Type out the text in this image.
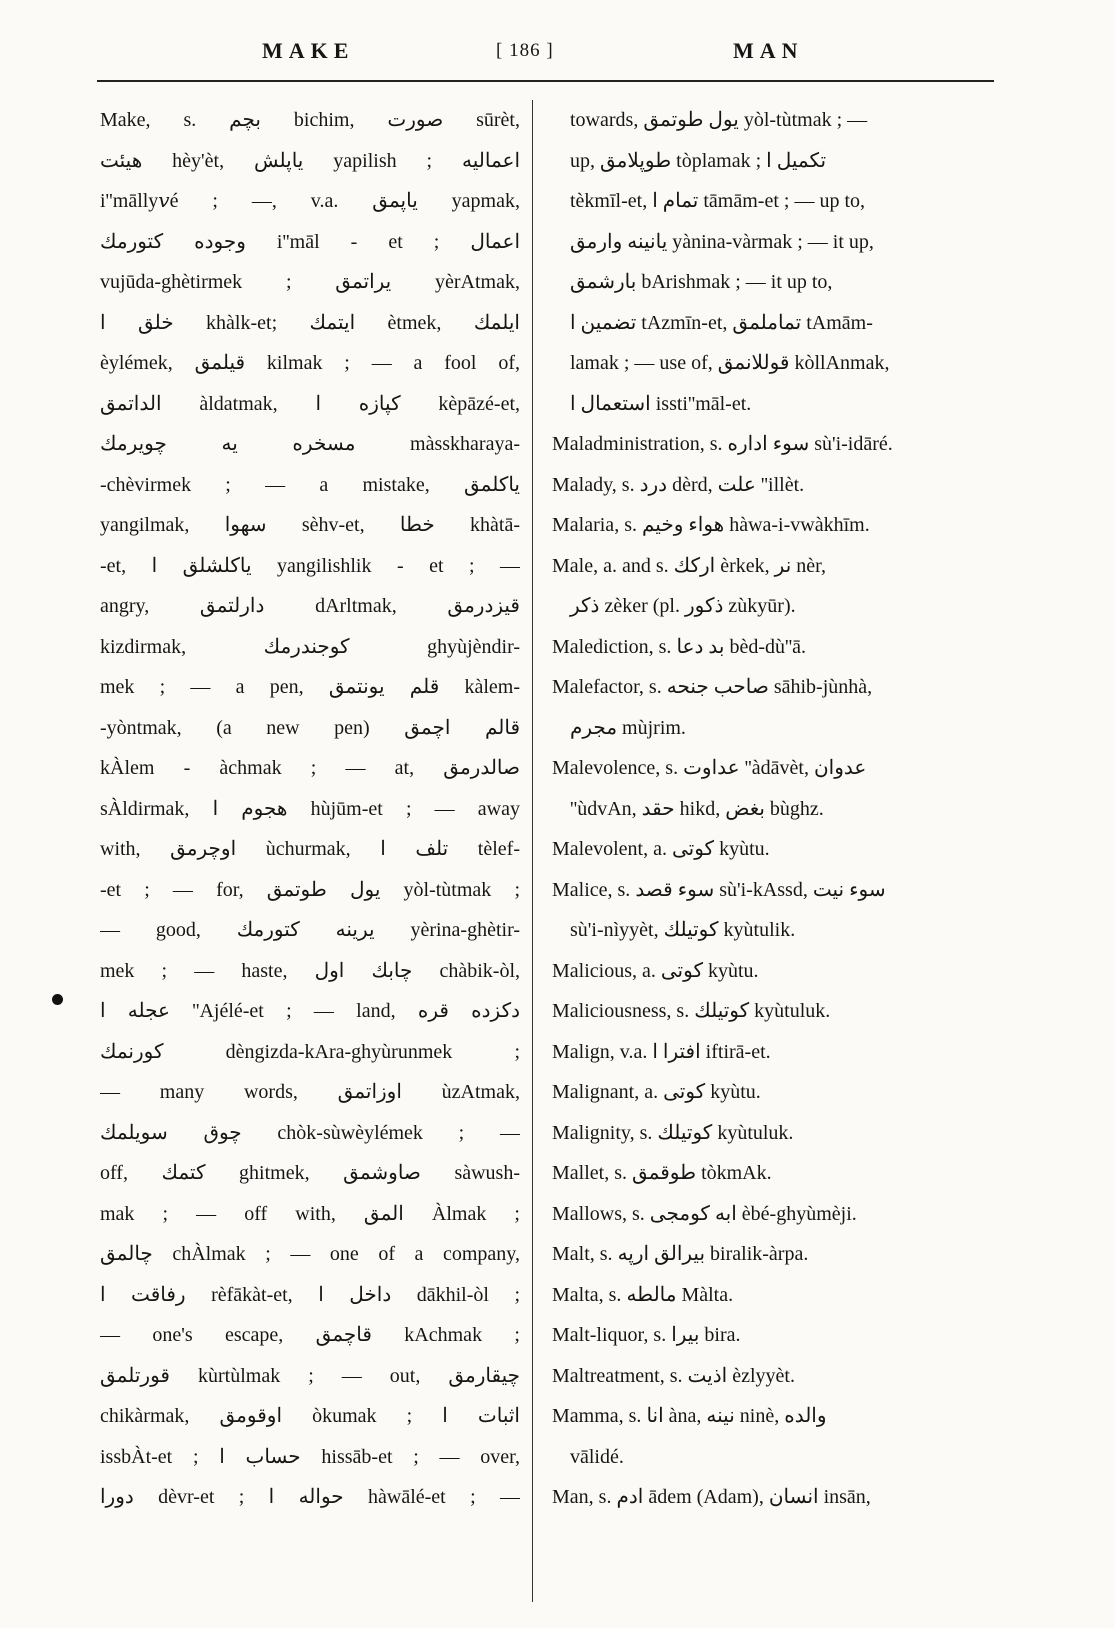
MAKE	[ 186 ]	MAN
Make, s. بچم bichim, صورت sūrèt,
هيئت hèy'èt, ياپلش yapilish ; اعماليه
i''mālly𝑣é ; —, v.a. ياپمق yapmak,
وجوده كتورمك i''māl - et ; اعمال
vujūda-ghètirmek ; يراتمق yèrAtmak,
خلق ا khàlk-et; ايتمك ètmek, ايلمك
èylémek, قيلمق kilmak ; — a fool of,
الداتمق àldatmak, كپازه ا kèpāzé-et,
مسخره يه چويرمك màsskharaya-
-chèvirmek ; — a mistake, ياكلمق
yangilmak, سهوا sèhv-et, خطا khàtā-
-et, ياكلشلق ا yangilishlik - et ; —
angry, دارلتمق dArltmak, قيزدرمق
kizdirmak, كوجندرمك ghyùjèndir-
mek ; — a pen, قلم يونتمق kàlem-
-yòntmak, (a new pen) قالم اچمق
kÀlem - àchmak ; — at, صالدرمق
sÀldirmak, هجوم ا hùjūm-et ; — away
with, اوچرمق ùchurmak, تلف ا tèlef-
-et ; — for, يول طوتمق yòl-tùtmak ;
— good, يرينه كتورمك yèrina-ghètir-
mek ; — haste, چابك اول chàbik-òl,
عجله ا ''Ajélé-et ; — land, دكزده قره
كورنمك dèngizda-kAra-ghyùrunmek ;
— many words, اوزاتمق ùzAtmak,
چوق سويلمك chòk-sùwèylémek ; —
off, كتمك ghitmek, صاوشمق sàwush-
mak ; — off with, المق Àlmak ;
چالمق chÀlmak ; — one of a company,
رفاقت ا rèfākàt-et, داخل ا dākhil-òl ;
— one's escape, قاچمق kAchmak ;
قورتلمق kùrtùlmak ; — out, چيقارمق
chikàrmak, اوقومق òkumak ; اثبات ا
issbÀt-et ; حساب ا hissāb-et ; — over,
دورا dèvr-et ; حواله ا hàwālé-et ; —
towards, يول طوتمق yòl-tùtmak ; —
up, طوپلامق tòplamak ; تكميل ا
tèkmīl-et, تمام ا tāmām-et ; — up to,
يانينه وارمق yànina-vàrmak ; — it up,
بارشمق bArishmak ; — it up to,
تضمين ا tAzmīn-et, تماملمق tAmām-
lamak ; — use of, قوللانمق kòllAnmak,
استعمال ا issti''māl-et.
Maladministration, s. سوء اداره sù'i-idāré.
Malady, s. درد dèrd, علت ''illèt.
Malaria, s. هواء وخيم hàwa-i-vwàkhīm.
Male, a. and s. اركك èrkek, نر nèr,
ذكر zèker (pl. ذكور zùkyūr).
Malediction, s. بد دعا bèd-dù''ā.
Malefactor, s. صاحب جنحه sāhib-jùnhà,
مجرم mùjrim.
Malevolence, s. عداوت ''àdāvèt, عدوان
''ùdvAn, حقد hikd, بغض bùghz.
Malevolent, a. كوتى kyùtu.
Malice, s. سوء قصد sù'i-kAssd, سوء نيت
sù'i-nìyyèt, كوتيلك kyùtulik.
Malicious, a. كوتى kyùtu.
Maliciousness, s. كوتيلك kyùtuluk.
Malign, v.a. افترا ا iftirā-et.
Malignant, a. كوتى kyùtu.
Malignity, s. كوتيلك kyùtuluk.
Mallet, s. طوقمق tòkmAk.
Mallows, s. ابه كومجى èbé-ghyùmèji.
Malt, s. بيرالق ارپه biralik-àrpa.
Malta, s. مالطه Màlta.
Malt-liquor, s. بيرا bira.
Maltreatment, s. اذيت èzlyyèt.
Mamma, s. انا àna, نينه ninè, والده
vālidé.
Man, s. ادم ādem (Adam), انسان insān,
